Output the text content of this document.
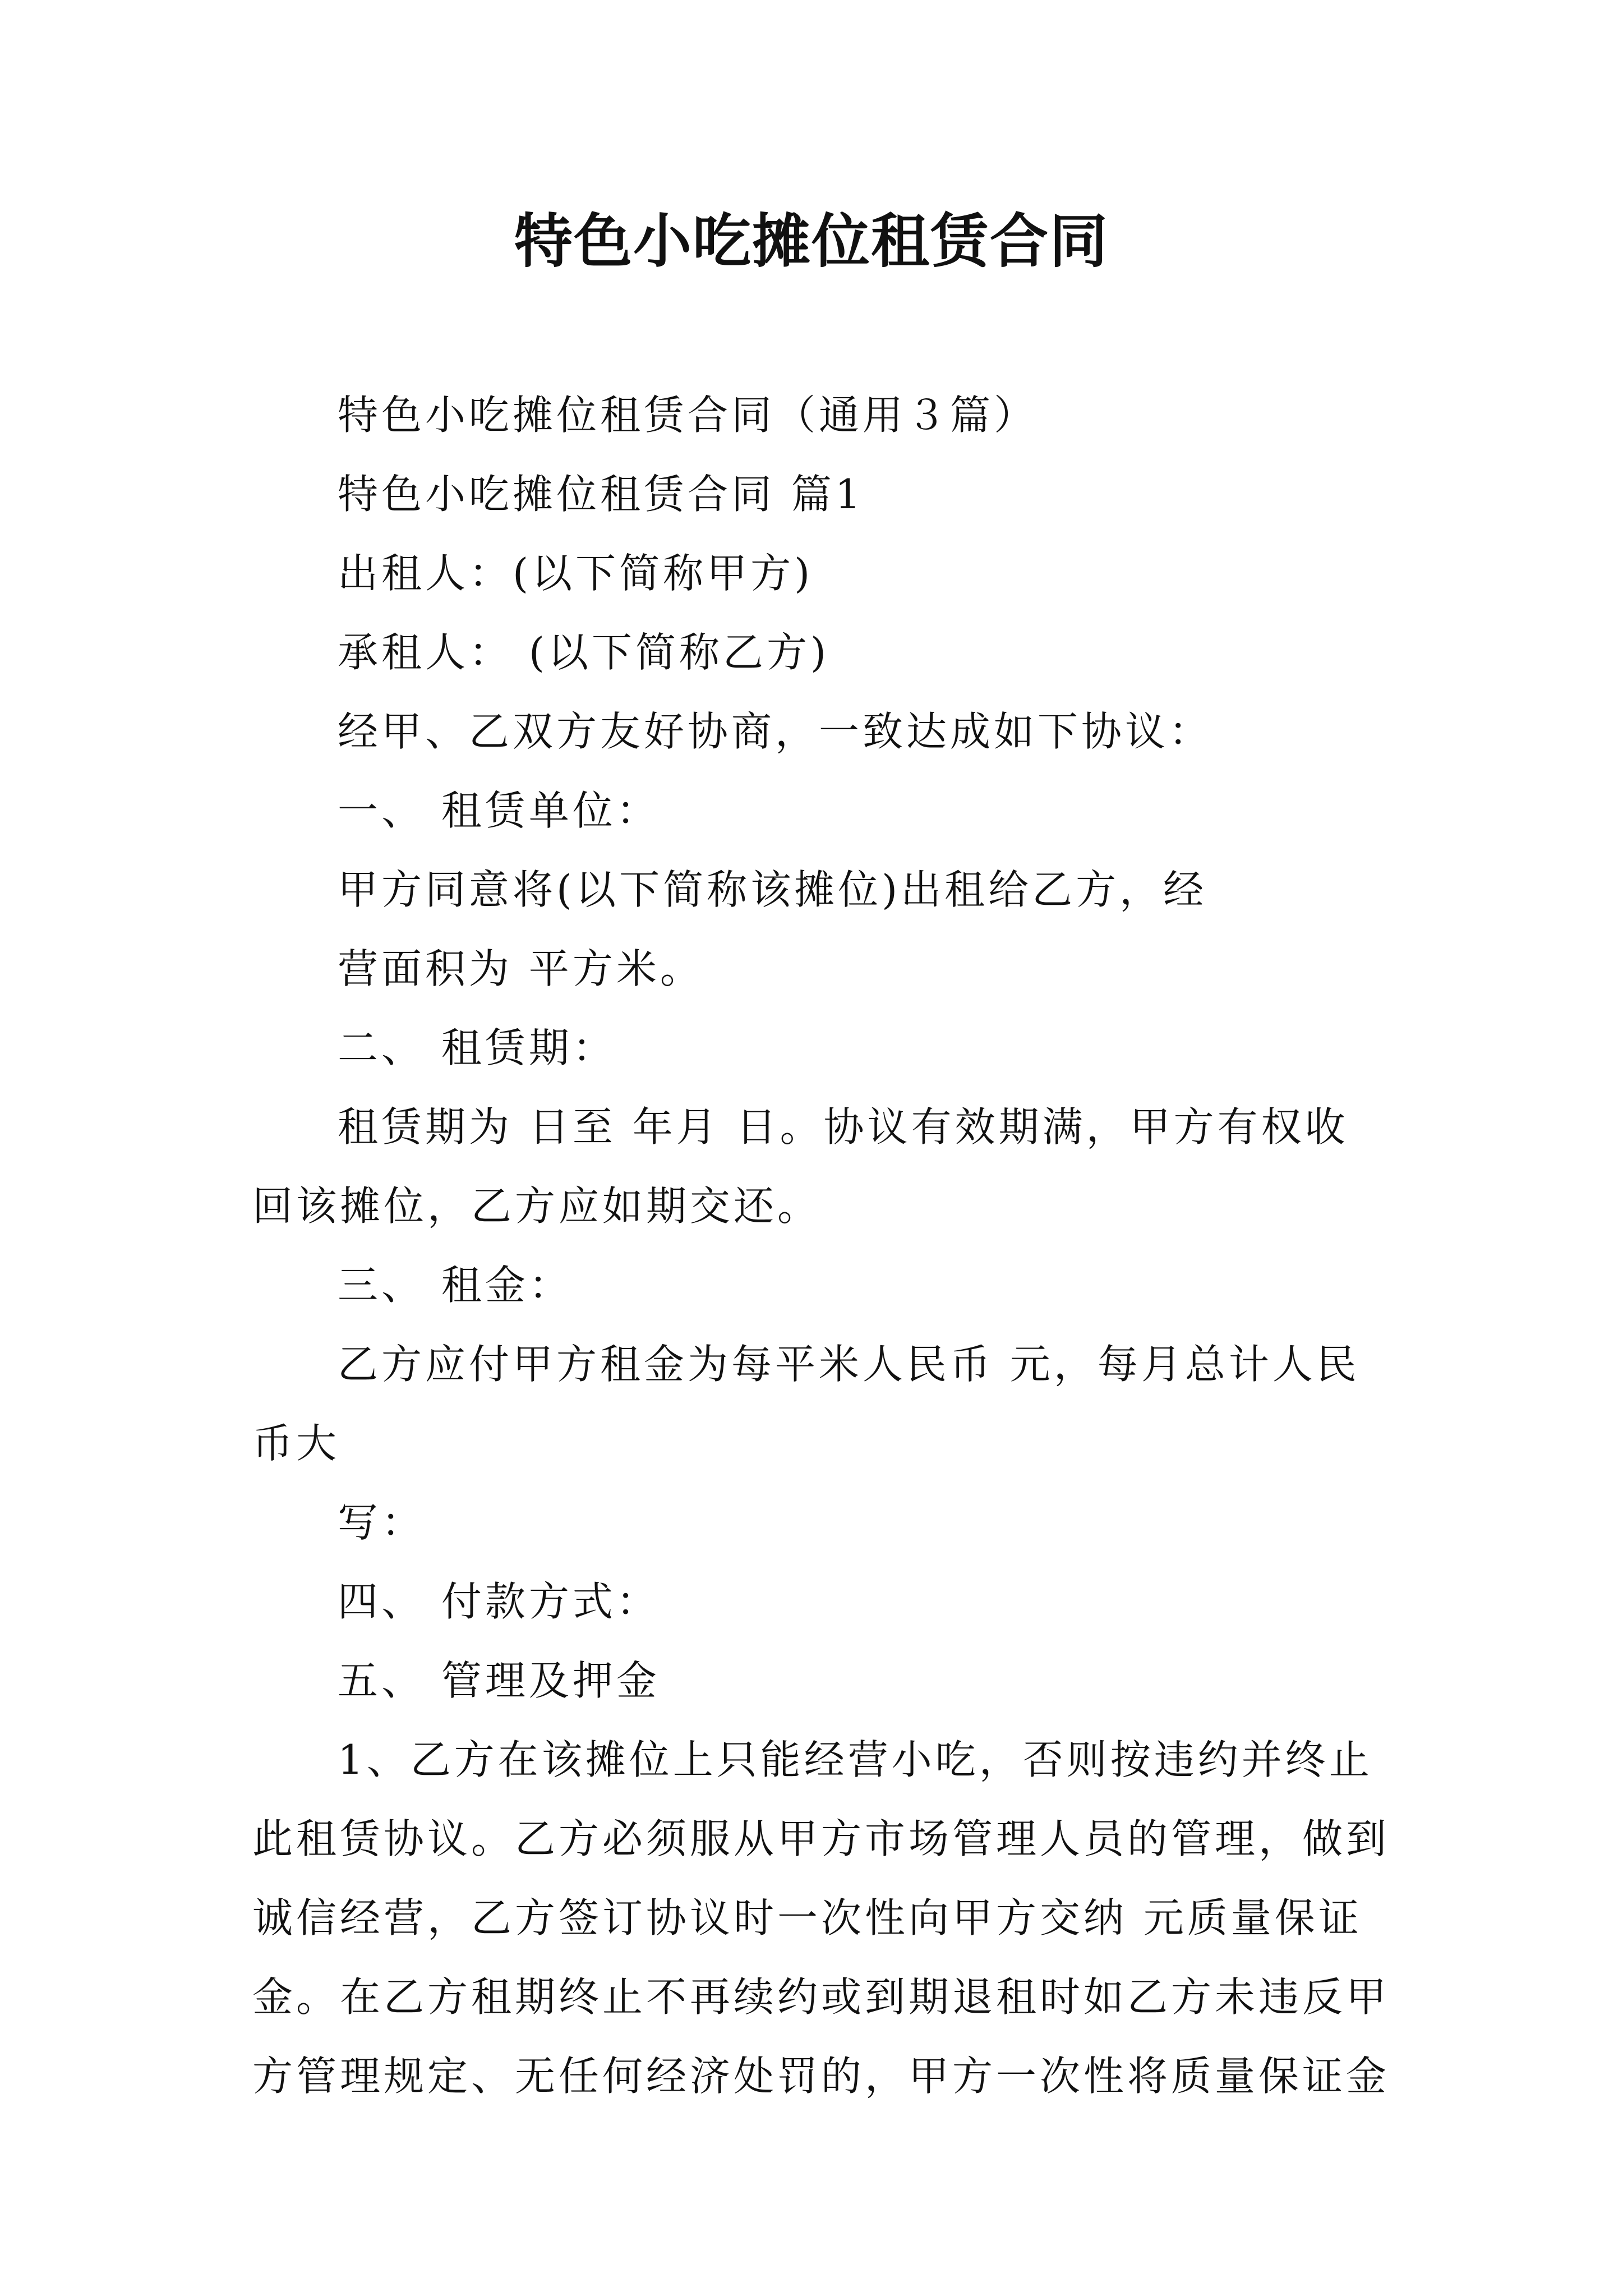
特色小吃摊位租赁合同
特色小吃摊位租赁合同（通用３篇）
特色小吃摊位租赁合同 篇1
出租人：(以下简称甲方)
承租人： (以下简称乙方)
经甲、乙双方友好协商，一致达成如下协议：
一、 租赁单位：
甲方同意将(以下简称该摊位)出租给乙方，经
营面积为 平方米。
二、 租赁期：
租赁期为 日至 年月 日。协议有效期满，甲方有权收
回该摊位，乙方应如期交还。
三、 租金：
乙方应付甲方租金为每平米人民币 元，每月总计人民
币大
写：
四、 付款方式：
五、 管理及押金
1、乙方在该摊位上只能经营小吃，否则按违约并终止
此租赁协议。乙方必须服从甲方市场管理人员的管理，做到
诚信经营，乙方签订协议时一次性向甲方交纳 元质量保证
金。在乙方租期终止不再续约或到期退租时如乙方未违反甲
方管理规定、无任何经济处罚的，甲方一次性将质量保证金
